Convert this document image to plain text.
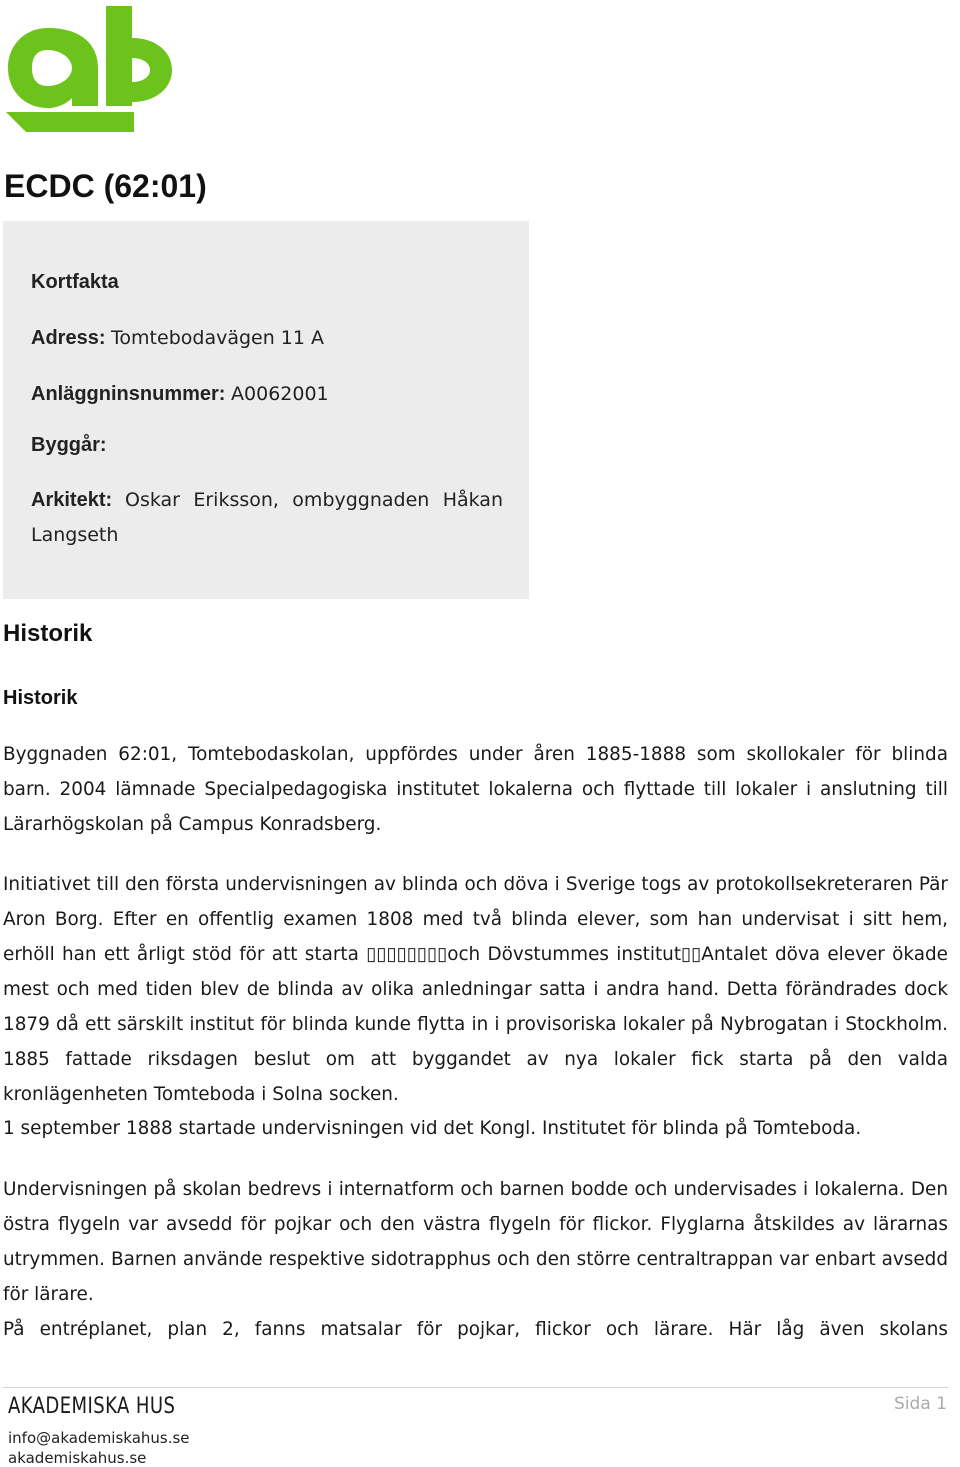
ECDC (62:01)
Kortfakta
Adress: Tomtebodavägen 11 A
Anläggninsnummer: A0062001
Byggår:
Arkitekt: Oskar Eriksson, ombyggnaden Håkan Langseth
Historik
Historik

Byggnaden 62:01, Tomtebodaskolan, uppfördes under åren 1885-1888 som skollokaler för blinda barn. 2004 lämnade Specialpedagogiska institutet lokalerna och flyttade till lokaler i anslutning till Lärarhögskolan på Campus Konradsberg.

Initiativet till den första undervisningen av blinda och döva i Sverige togs av protokollsekreteraren Pär Aron Borg. Efter en offentlig examen 1808 med två blinda elever, som han undervisat i sitt hem, erhöll han ett årligt stöd för att starta ▯▯▯▯▯▯▯▯och Dövstummes institut▯▯Antalet döva elever ökade mest och med tiden blev de blinda av olika anledningar satta i andra hand. Detta förändrades dock 1879 då ett särskilt institut för blinda kunde flytta in i provisoriska lokaler på Nybrogatan i Stockholm. 1885 fattade riksdagen beslut om att byggandet av nya lokaler fick starta på den valda kronlägenheten Tomteboda i Solna socken.

1 september 1888 startade undervisningen vid det Kongl. Institutet för blinda på Tomteboda.

Undervisningen på skolan bedrevs i internatform och barnen bodde och undervisades i lokalerna. Den östra flygeln var avsedd för pojkar och den västra flygeln för flickor. Flyglarna åtskildes av lärarnas utrymmen. Barnen använde respektive sidotrapphus och den större centraltrappan var enbart avsedd för lärare.

På entréplanet, plan 2, fanns matsalar för pojkar, flickor och lärare. Här låg även skolans

AKADEMISKA HUS
info@akademiskahus.se
akademiskahus.se
Sida 1
